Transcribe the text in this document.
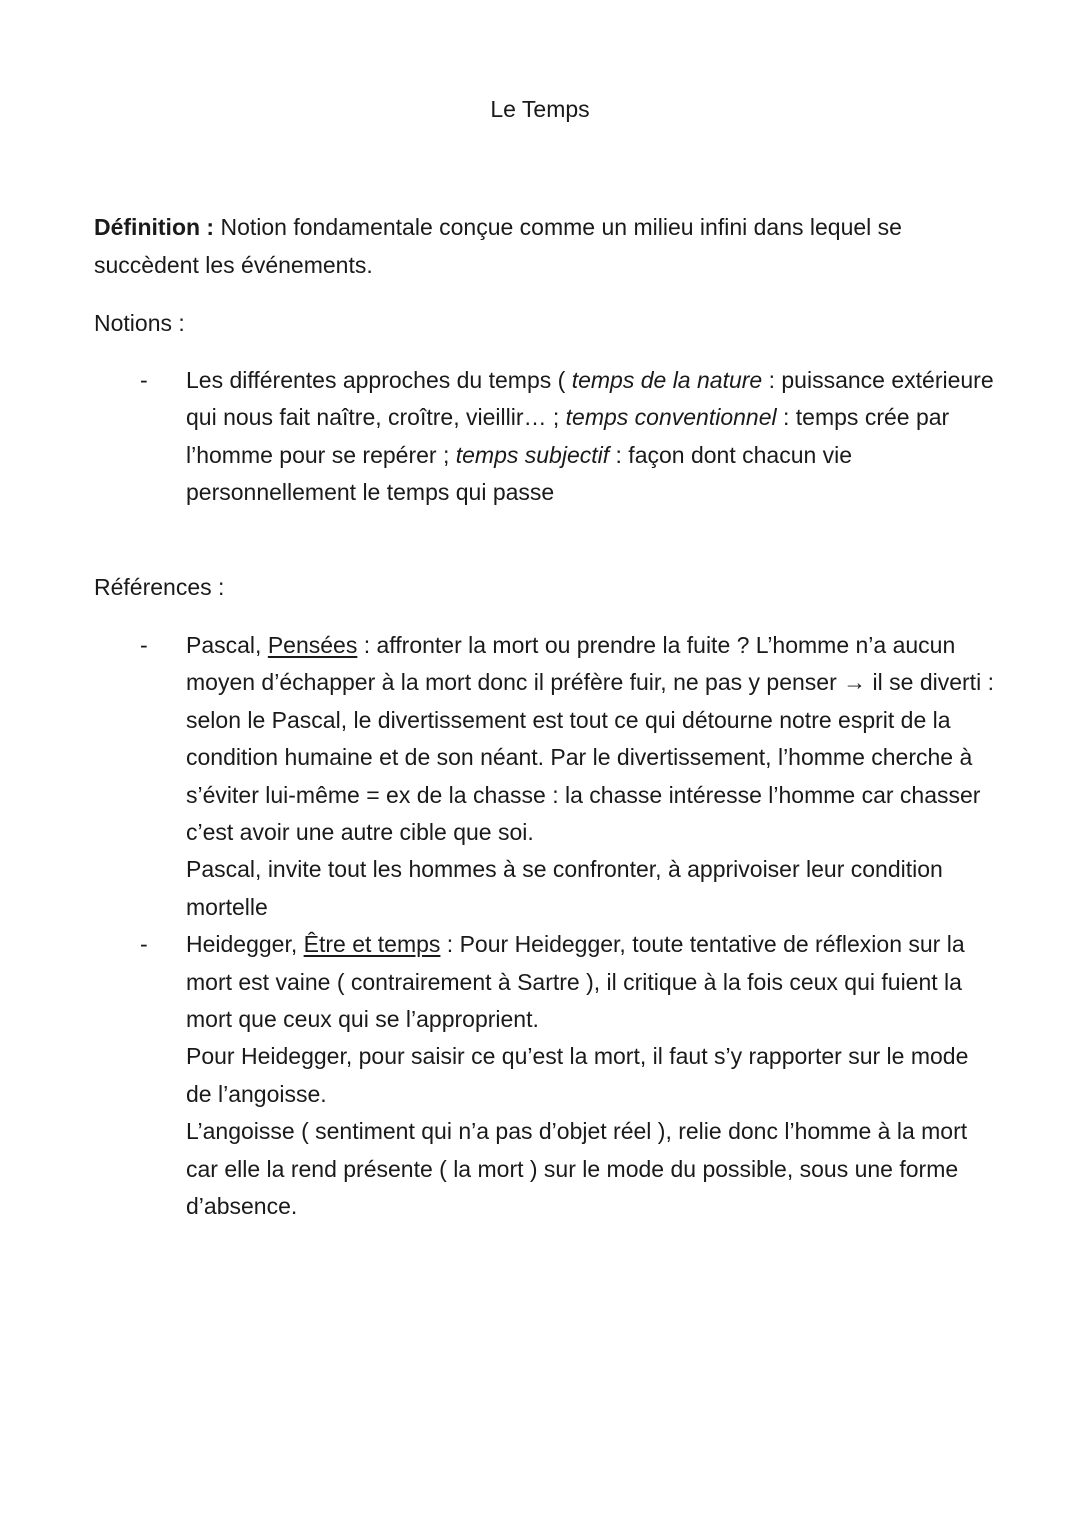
Le Temps
Définition : Notion fondamentale conçue comme un milieu infini dans lequel se succèdent les événements.
Notions :
- Les différentes approches du temps ( temps de la nature : puissance extérieure qui nous fait naître, croître, vieillir… ; temps conventionnel : temps crée par l’homme pour se repérer ; temps subjectif : façon dont chacun vie personnellement le temps qui passe
Références :
- Pascal, Pensées : affronter la mort ou prendre la fuite ? L’homme n’a aucun moyen d’échapper à la mort donc il préfère fuir, ne pas y penser → il se diverti : selon le Pascal, le divertissement est tout ce qui détourne notre esprit de la condition humaine et de son néant. Par le divertissement, l’homme cherche à s’éviter lui-même = ex de la chasse : la chasse intéresse l’homme car chasser c’est avoir une autre cible que soi.
Pascal, invite tout les hommes à se confronter, à apprivoiser leur condition mortelle
- Heidegger, Être et temps : Pour Heidegger, toute tentative de réflexion sur la mort est vaine ( contrairement à Sartre ), il critique à la fois ceux qui fuient la mort que ceux qui se l’approprient.
Pour Heidegger, pour saisir ce qu’est la mort, il faut s’y rapporter sur le mode de l’angoisse.
L’angoisse ( sentiment qui n’a pas d’objet réel ), relie donc l’homme à la mort car elle la rend présente ( la mort ) sur le mode du possible, sous une forme d’absence.
